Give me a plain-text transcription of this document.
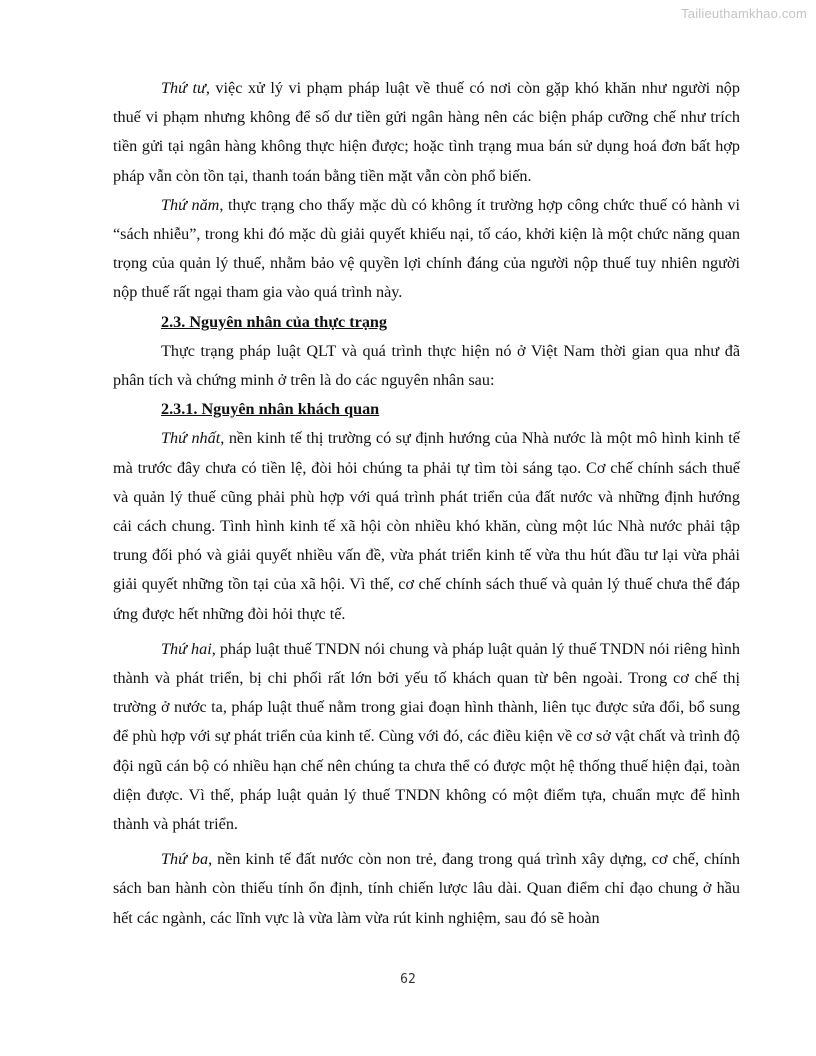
Tailieuthamkhao.com

Thứ tư, việc xử lý vi phạm pháp luật về thuế có nơi còn gặp khó khăn như người nộp thuế vi phạm nhưng không để số dư tiền gửi ngân hàng nên các biện pháp cưỡng chế như trích tiền gửi tại ngân hàng không thực hiện được; hoặc tình trạng mua bán sử dụng hoá đơn bất hợp pháp vẫn còn tồn tại, thanh toán bằng tiền mặt vẫn còn phổ biến.

Thứ năm, thực trạng cho thấy mặc dù có không ít trường hợp công chức thuế có hành vi “sách nhiễu”, trong khi đó mặc dù giải quyết khiếu nại, tố cáo, khởi kiện là một chức năng quan trọng của quản lý thuế, nhằm bảo vệ quyền lợi chính đáng của người nộp thuế tuy nhiên người nộp thuế rất ngại tham gia vào quá trình này.

2.3. Nguyên nhân của thực trạng

Thực trạng pháp luật QLT và quá trình thực hiện nó ở Việt Nam thời gian qua như đã phân tích và chứng minh ở trên là do các nguyên nhân sau:

2.3.1. Nguyên nhân khách quan

Thứ nhất, nền kinh tế thị trường có sự định hướng của Nhà nước là một mô hình kinh tế mà trước đây chưa có tiền lệ, đòi hỏi chúng ta phải tự tìm tòi sáng tạo. Cơ chế chính sách thuế và quản lý thuế cũng phải phù hợp với quá trình phát triển của đất nước và những định hướng cải cách chung. Tình hình kinh tế xã hội còn nhiều khó khăn, cùng một lúc Nhà nước phải tập trung đối phó và giải quyết nhiều vấn đề, vừa phát triển kinh tế vừa thu hút đầu tư lại vừa phải giải quyết những tồn tại của xã hội. Vì thế, cơ chế chính sách thuế và quản lý thuế chưa thể đáp ứng được hết những đòi hỏi thực tế.

Thứ hai, pháp luật thuế TNDN nói chung và pháp luật quản lý thuế TNDN nói riêng hình thành và phát triển, bị chi phối rất lớn bởi yếu tố khách quan từ bên ngoài. Trong cơ chế thị trường ở nước ta, pháp luật thuế nằm trong giai đoạn hình thành, liên tục được sửa đổi, bổ sung để phù hợp với sự phát triển của kinh tế. Cùng với đó, các điều kiện về cơ sở vật chất và trình độ đội ngũ cán bộ có nhiều hạn chế nên chúng ta chưa thể có được một hệ thống thuế hiện đại, toàn diện được. Vì thế, pháp luật quản lý thuế TNDN không có một điểm tựa, chuẩn mực để hình thành và phát triển.

Thứ ba, nền kinh tế đất nước còn non trẻ, đang trong quá trình xây dựng, cơ chế, chính sách ban hành còn thiếu tính ổn định, tính chiến lược lâu dài. Quan điểm chỉ đạo chung ở hầu hết các ngành, các lĩnh vực là vừa làm vừa rút kinh nghiệm, sau đó sẽ hoàn

62
